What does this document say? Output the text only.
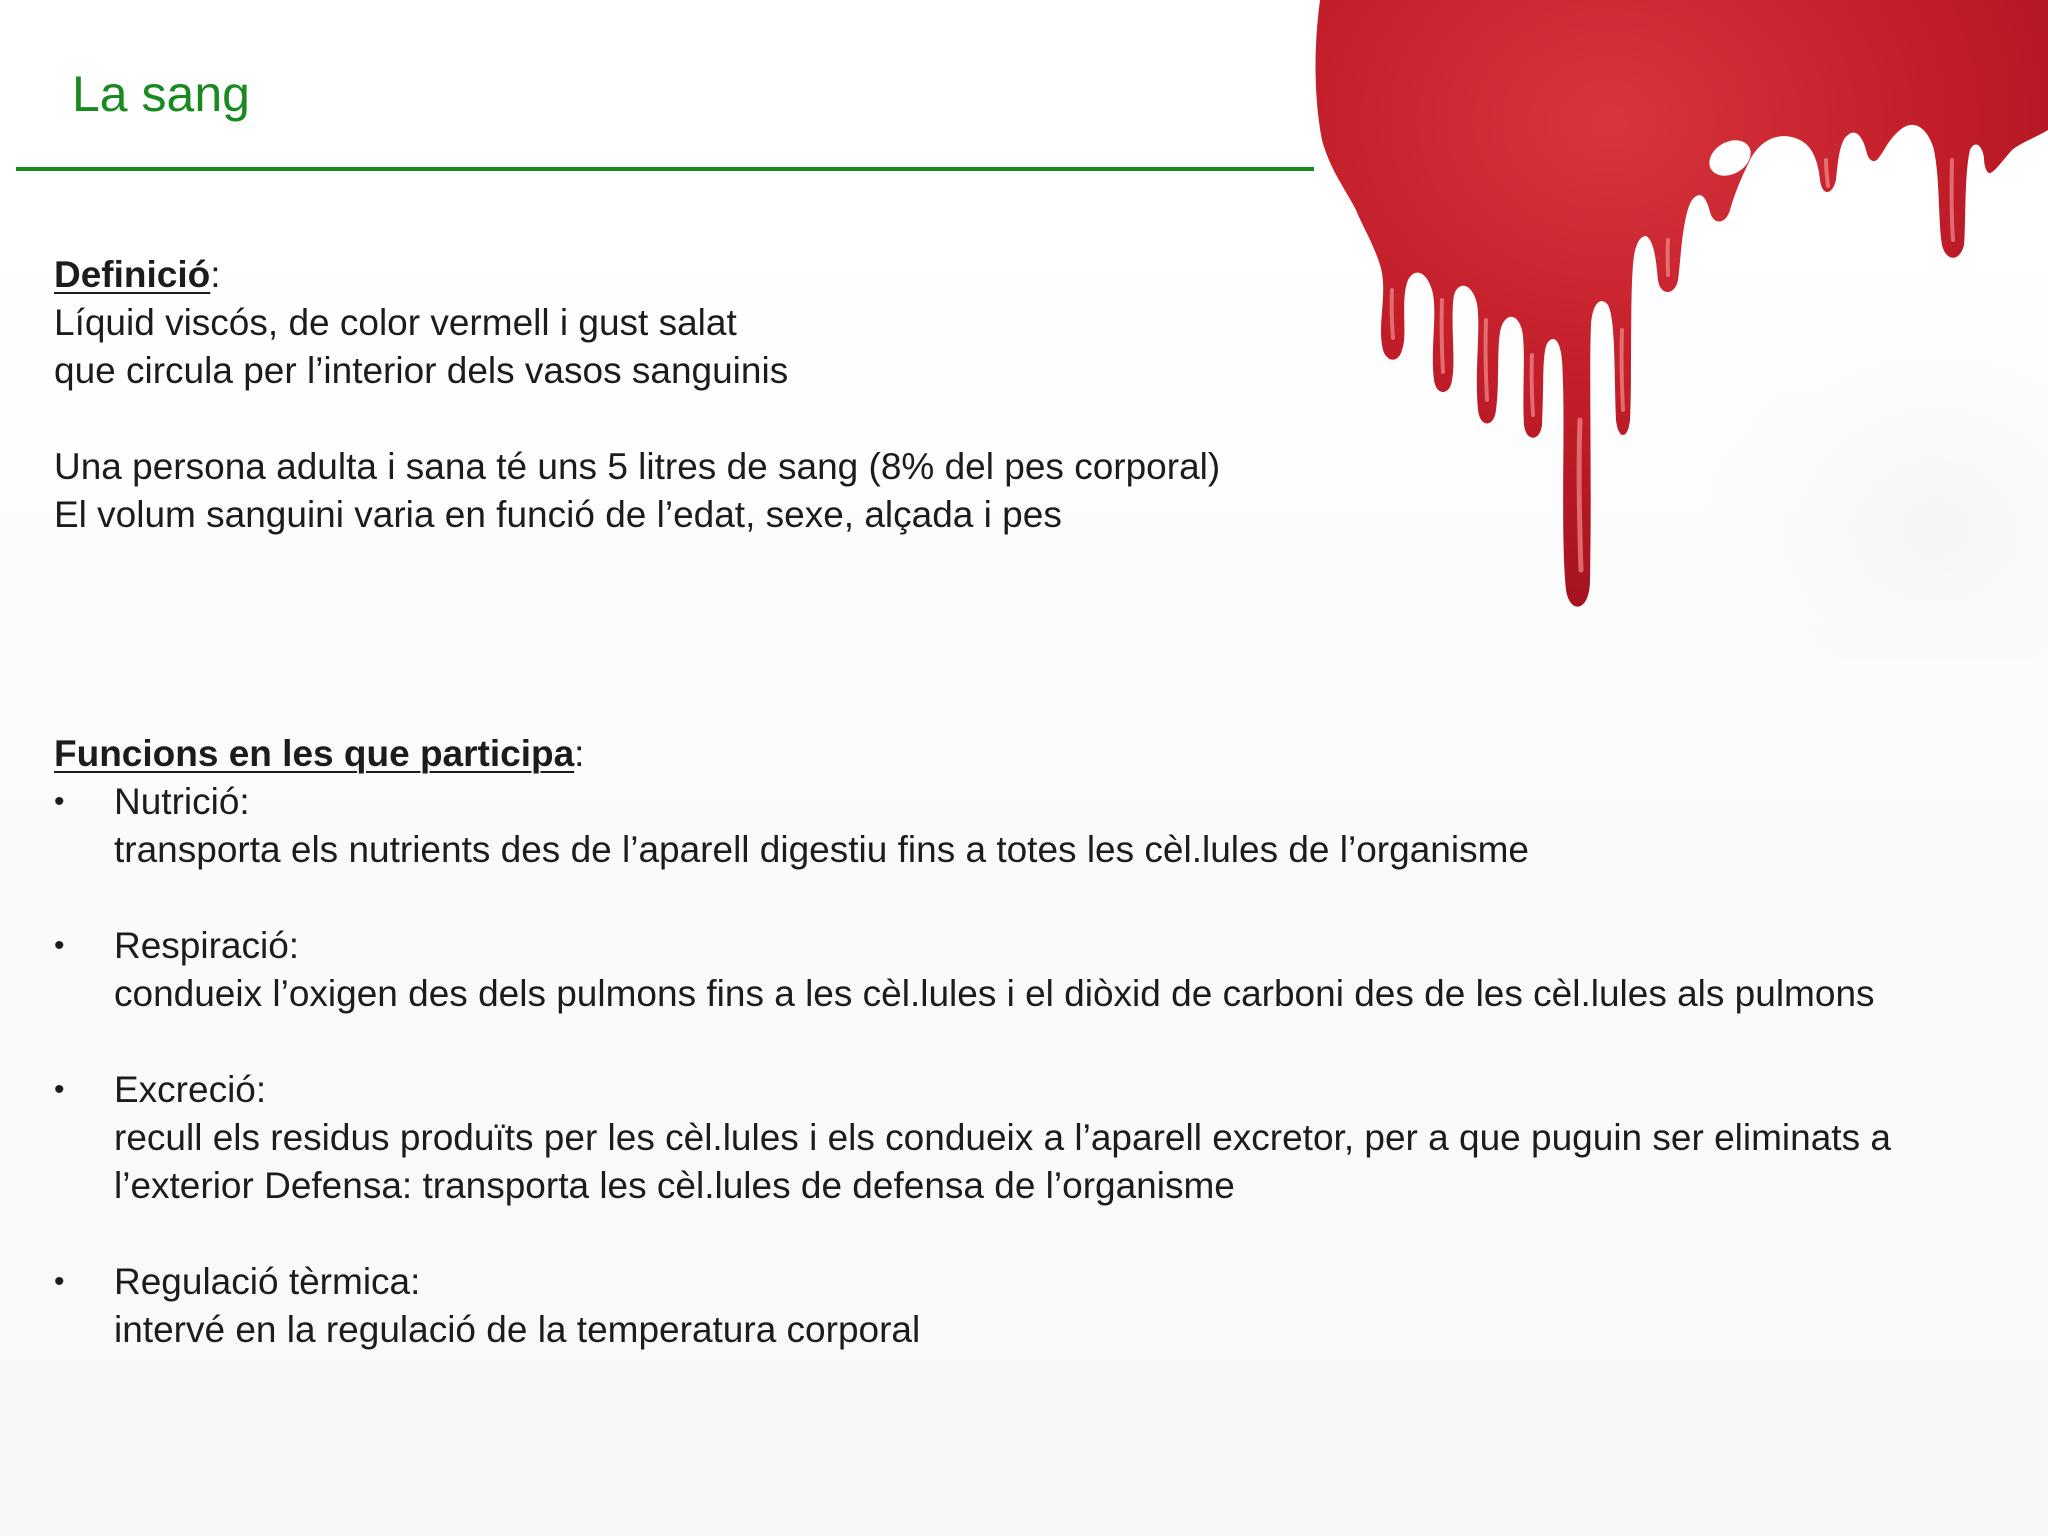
La sang

Definició:

Líquid viscós, de color vermell i gust salat

que circula per l’interior dels vasos sanguinis

Una persona adulta i sana té uns 5 litres de sang (8% del pes corporal)

El volum sanguini varia en funció de l’edat, sexe, alçada i pes

Funcions en les que participa:

• Nutrició:
transporta els nutrients des de l’aparell digestiu fins a totes les cèl.lules de l’organisme
• Respiració:
condueix l’oxigen des dels pulmons fins a les cèl.lules i el diòxid de carboni des de les cèl.lules als pulmons
• Excreció:
recull els residus produïts per les cèl.lules i els condueix a l’aparell excretor, per a que puguin ser eliminats a l’exterior Defensa: transporta les cèl.lules de defensa de l’organisme
• Regulació tèrmica:
intervé en la regulació de la temperatura corporal
